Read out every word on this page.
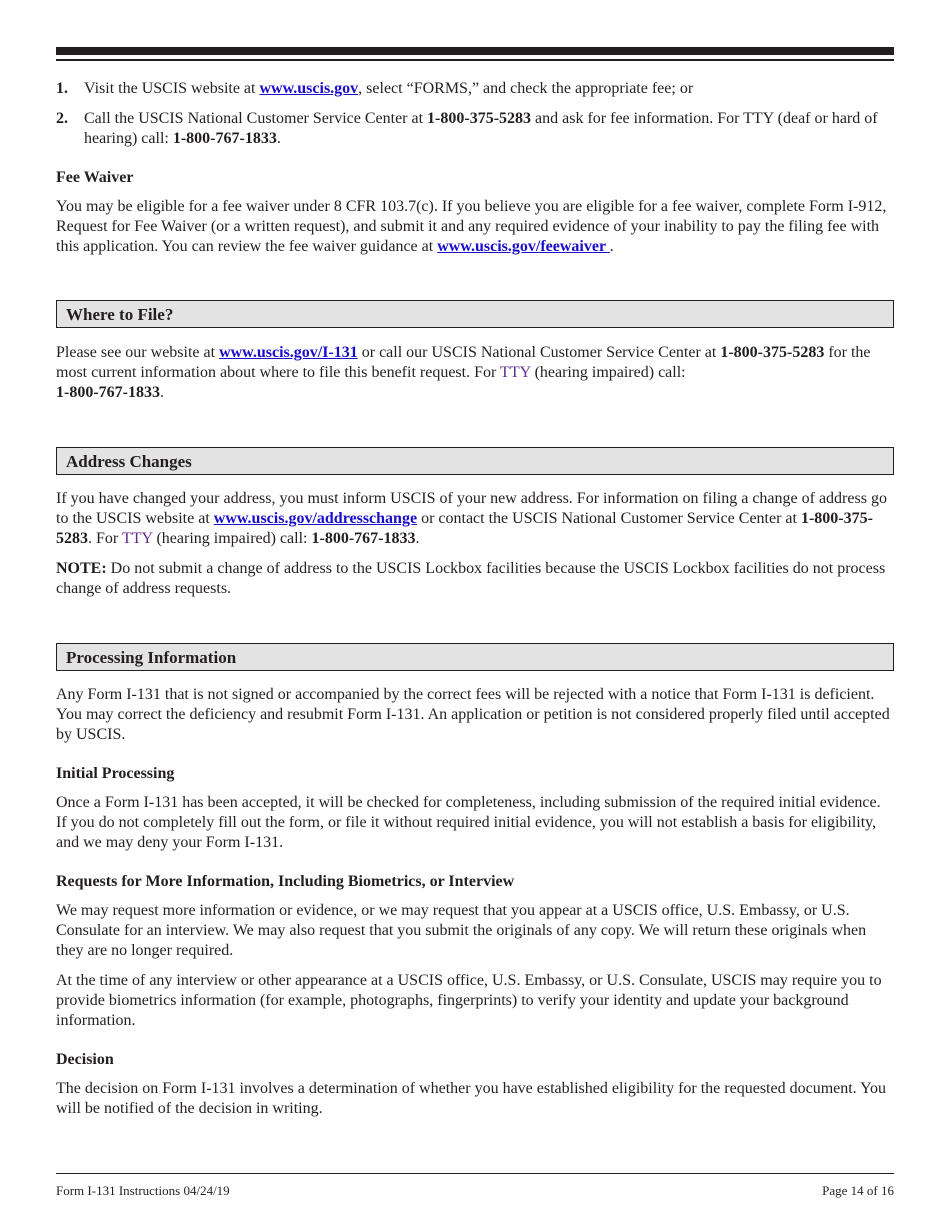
1. Visit the USCIS website at www.uscis.gov, select “FORMS,” and check the appropriate fee; or
2. Call the USCIS National Customer Service Center at 1-800-375-5283 and ask for fee information. For TTY (deaf or hard of hearing) call: 1-800-767-1833.
Fee Waiver

You may be eligible for a fee waiver under 8 CFR 103.7(c). If you believe you are eligible for a fee waiver, complete Form I-912, Request for Fee Waiver (or a written request), and submit it and any required evidence of your inability to pay the filing fee with this application. You can review the fee waiver guidance at www.uscis.gov/feewaiver .

Where to File?

Please see our website at www.uscis.gov/I-131 or call our USCIS National Customer Service Center at 1-800-375-5283 for the most current information about where to file this benefit request. For TTY (hearing impaired) call:
1-800-767-1833.

Address Changes

If you have changed your address, you must inform USCIS of your new address. For information on filing a change of address go to the USCIS website at www.uscis.gov/addresschange or contact the USCIS National Customer Service Center at 1-800-375-5283. For TTY (hearing impaired) call: 1-800-767-1833.

NOTE: Do not submit a change of address to the USCIS Lockbox facilities because the USCIS Lockbox facilities do not process change of address requests.

Processing Information

Any Form I-131 that is not signed or accompanied by the correct fees will be rejected with a notice that Form I-131 is deficient. You may correct the deficiency and resubmit Form I-131. An application or petition is not considered properly filed until accepted by USCIS.

Initial Processing

Once a Form I-131 has been accepted, it will be checked for completeness, including submission of the required initial evidence. If you do not completely fill out the form, or file it without required initial evidence, you will not establish a basis for eligibility, and we may deny your Form I-131.

Requests for More Information, Including Biometrics, or Interview

We may request more information or evidence, or we may request that you appear at a USCIS office, U.S. Embassy, or U.S. Consulate for an interview. We may also request that you submit the originals of any copy. We will return these originals when they are no longer required.

At the time of any interview or other appearance at a USCIS office, U.S. Embassy, or U.S. Consulate, USCIS may require you to provide biometrics information (for example, photographs, fingerprints) to verify your identity and update your background information.

Decision

The decision on Form I-131 involves a determination of whether you have established eligibility for the requested document. You will be notified of the decision in writing.

Form I-131 Instructions 04/24/19	Page 14 of 16
